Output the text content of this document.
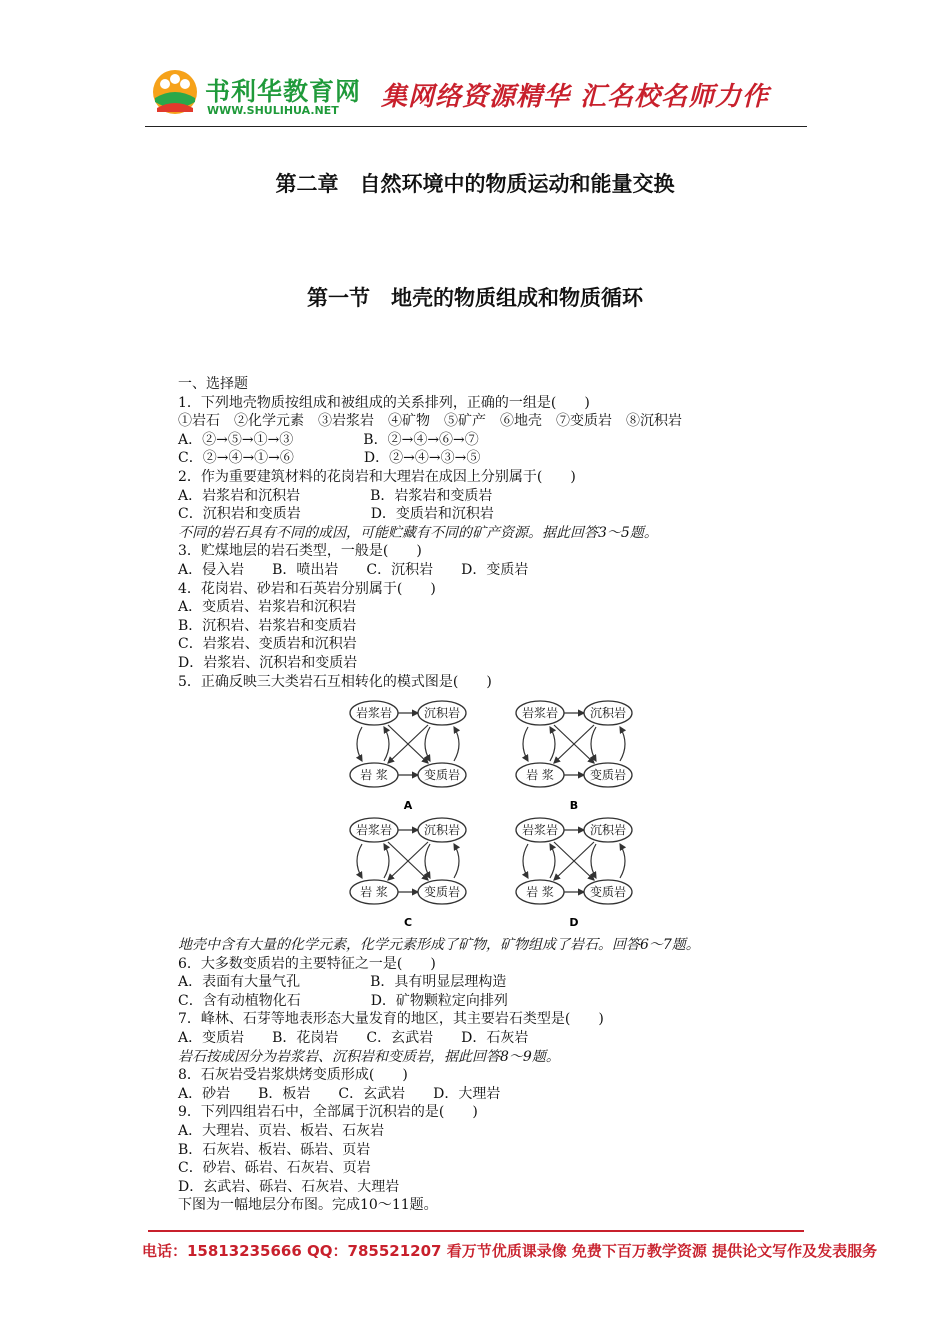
书利华教育网
WWW.SHULIHUA.NET 集网络资源精华 汇名校名师力作
第二章　自然环境中的物质运动和能量交换
第一节　地壳的物质组成和物质循环
一、选择题
1．下列地壳物质按组成和被组成的关系排列，正确的一组是(　　)
①岩石　②化学元素　③岩浆岩　④矿物　⑤矿产　⑥地壳　⑦变质岩　⑧沉积岩
A．②→⑤→①→③　　　　　B．②→④→⑥→⑦
C．②→④→①→⑥　　　　　D．②→④→③→⑤
2．作为重要建筑材料的花岗岩和大理岩在成因上分别属于(　　)
A．岩浆岩和沉积岩　　　　　B．岩浆岩和变质岩
C．沉积岩和变质岩　　　　　D．变质岩和沉积岩
不同的岩石具有不同的成因，可能贮藏有不同的矿产资源。据此回答3～5题。
3．贮煤地层的岩石类型，一般是(　　)
A．侵入岩　　B．喷出岩　　C．沉积岩　　D．变质岩
4．花岗岩、砂岩和石英岩分别属于(　　)
A．变质岩、岩浆岩和沉积岩
B．沉积岩、岩浆岩和变质岩
C．岩浆岩、变质岩和沉积岩
D．岩浆岩、沉积岩和变质岩
5．正确反映三大类岩石互相转化的模式图是(　　)
岩浆岩	沉积岩
岩 浆	变质岩
A
岩浆岩	沉积岩
岩 浆	变质岩
B
岩浆岩	沉积岩
岩 浆	变质岩
C
岩浆岩	沉积岩
岩 浆	变质岩
D
地壳中含有大量的化学元素，化学元素形成了矿物，矿物组成了岩石。回答6～7题。
6．大多数变质岩的主要特征之一是(　　)
A．表面有大量气孔　　　　　B．具有明显层理构造
C．含有动植物化石　　　　　D．矿物颗粒定向排列
7．峰林、石芽等地表形态大量发育的地区，其主要岩石类型是(　　)
A．变质岩　　B．花岗岩　　C．玄武岩　　D．石灰岩
岩石按成因分为岩浆岩、沉积岩和变质岩，据此回答8～9题。
8．石灰岩受岩浆烘烤变质形成(　　)
A．砂岩　　B．板岩　　C．玄武岩　　D．大理岩
9．下列四组岩石中，全部属于沉积岩的是(　　)
A．大理岩、页岩、板岩、石灰岩
B．石灰岩、板岩、砾岩、页岩
C．砂岩、砾岩、石灰岩、页岩
D．玄武岩、砾岩、石灰岩、大理岩
下图为一幅地层分布图。完成10～11题。
电话：15813235666 QQ：785521207 看万节优质课录像 免费下百万教学资源 提供论文写作及发表服务
